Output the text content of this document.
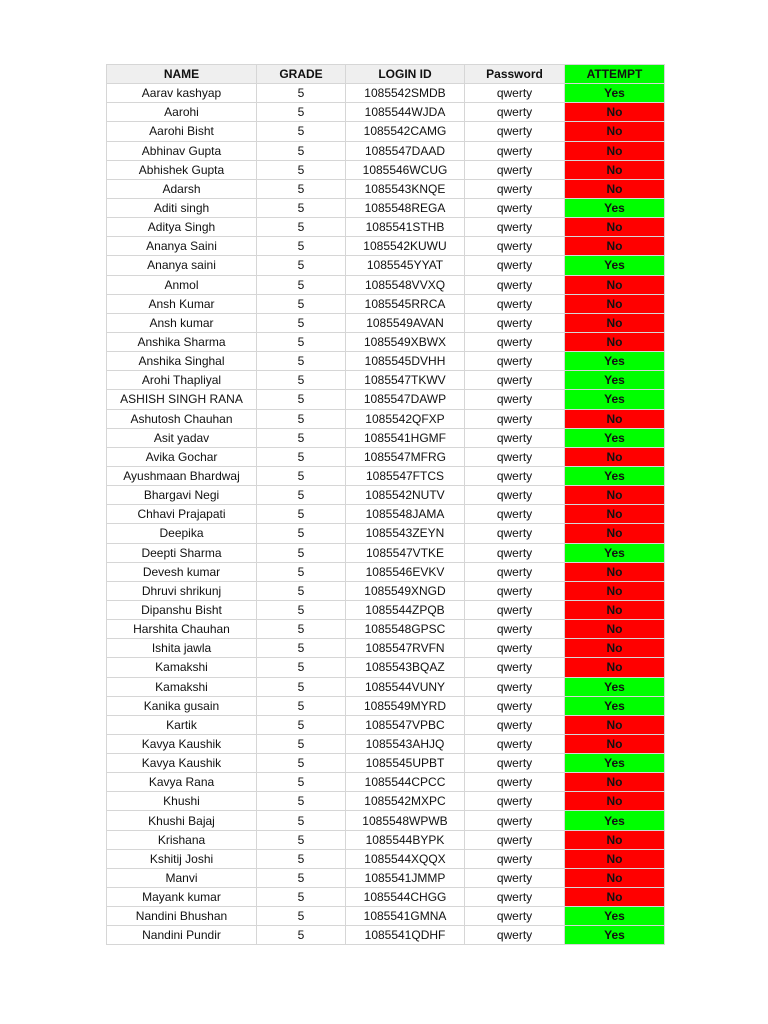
NAME	GRADE	LOGIN ID	Password	ATTEMPT
Aarav kashyap	5	1085542SMDB	qwerty	Yes
Aarohi	5	1085544WJDA	qwerty	No
Aarohi Bisht	5	1085542CAMG	qwerty	No
Abhinav Gupta	5	1085547DAAD	qwerty	No
Abhishek Gupta	5	1085546WCUG	qwerty	No
Adarsh	5	1085543KNQE	qwerty	No
Aditi singh	5	1085548REGA	qwerty	Yes
Aditya Singh	5	1085541STHB	qwerty	No
Ananya Saini	5	1085542KUWU	qwerty	No
Ananya saini	5	1085545YYAT	qwerty	Yes
Anmol	5	1085548VVXQ	qwerty	No
Ansh Kumar	5	1085545RRCA	qwerty	No
Ansh kumar	5	1085549AVAN	qwerty	No
Anshika Sharma	5	1085549XBWX	qwerty	No
Anshika Singhal	5	1085545DVHH	qwerty	Yes
Arohi Thapliyal	5	1085547TKWV	qwerty	Yes
ASHISH SINGH RANA	5	1085547DAWP	qwerty	Yes
Ashutosh Chauhan	5	1085542QFXP	qwerty	No
Asit yadav	5	1085541HGMF	qwerty	Yes
Avika Gochar	5	1085547MFRG	qwerty	No
Ayushmaan Bhardwaj	5	1085547FTCS	qwerty	Yes
Bhargavi Negi	5	1085542NUTV	qwerty	No
Chhavi Prajapati	5	1085548JAMA	qwerty	No
Deepika	5	1085543ZEYN	qwerty	No
Deepti Sharma	5	1085547VTKE	qwerty	Yes
Devesh kumar	5	1085546EVKV	qwerty	No
Dhruvi shrikunj	5	1085549XNGD	qwerty	No
Dipanshu Bisht	5	1085544ZPQB	qwerty	No
Harshita Chauhan	5	1085548GPSC	qwerty	No
Ishita jawla	5	1085547RVFN	qwerty	No
Kamakshi	5	1085543BQAZ	qwerty	No
Kamakshi	5	1085544VUNY	qwerty	Yes
Kanika gusain	5	1085549MYRD	qwerty	Yes
Kartik	5	1085547VPBC	qwerty	No
Kavya Kaushik	5	1085543AHJQ	qwerty	No
Kavya Kaushik	5	1085545UPBT	qwerty	Yes
Kavya Rana	5	1085544CPCC	qwerty	No
Khushi	5	1085542MXPC	qwerty	No
Khushi Bajaj	5	1085548WPWB	qwerty	Yes
Krishana	5	1085544BYPK	qwerty	No
Kshitij Joshi	5	1085544XQQX	qwerty	No
Manvi	5	1085541JMMP	qwerty	No
Mayank kumar	5	1085544CHGG	qwerty	No
Nandini Bhushan	5	1085541GMNA	qwerty	Yes
Nandini Pundir	5	1085541QDHF	qwerty	Yes
